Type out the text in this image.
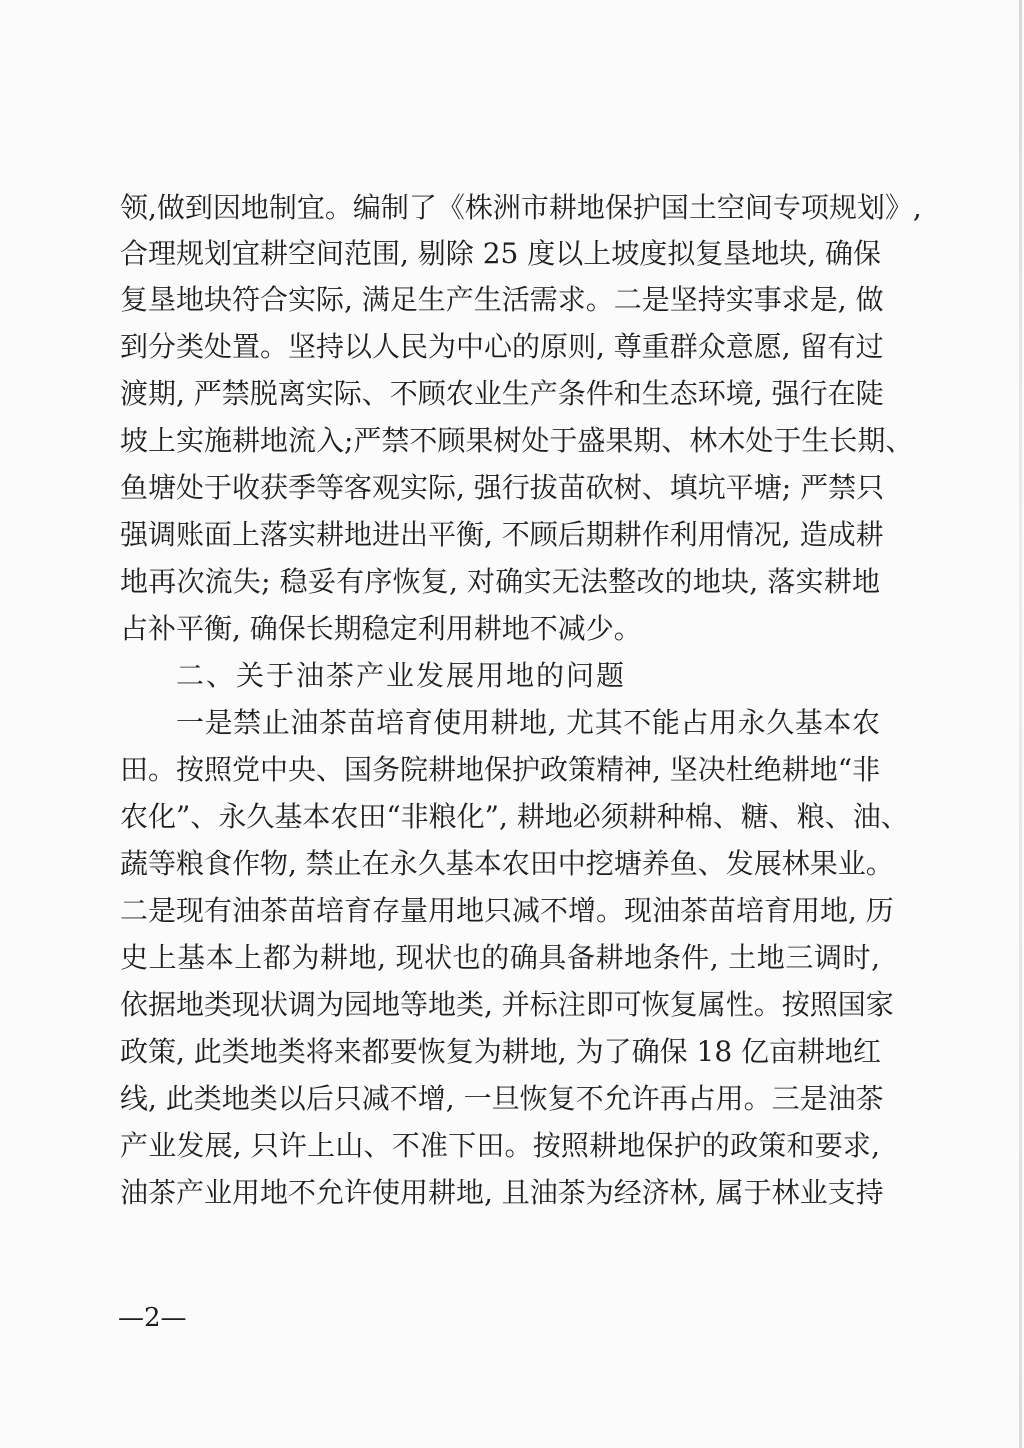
领,做到因地制宜。编制了《株洲市耕地保护国土空间专项规划》,
合理规划宜耕空间范围, 剔除 25 度以上坡度拟复垦地块, 确保
复垦地块符合实际, 满足生产生活需求。二是坚持实事求是, 做
到分类处置。坚持以人民为中心的原则, 尊重群众意愿, 留有过
渡期, 严禁脱离实际、不顾农业生产条件和生态环境, 强行在陡
坡上实施耕地流入;严禁不顾果树处于盛果期、林木处于生长期、
鱼塘处于收获季等客观实际, 强行拔苗砍树、填坑平塘; 严禁只
强调账面上落实耕地进出平衡, 不顾后期耕作利用情况, 造成耕
地再次流失; 稳妥有序恢复, 对确实无法整改的地块, 落实耕地
占补平衡, 确保长期稳定利用耕地不减少。
二、关于油茶产业发展用地的问题
一是禁止油茶苗培育使用耕地, 尤其不能占用永久基本农
田。按照党中央、国务院耕地保护政策精神, 坚决杜绝耕地“非
农化”、永久基本农田“非粮化”, 耕地必须耕种棉、糖、粮、油、
蔬等粮食作物, 禁止在永久基本农田中挖塘养鱼、发展林果业。
二是现有油茶苗培育存量用地只减不增。现油茶苗培育用地, 历
史上基本上都为耕地, 现状也的确具备耕地条件, 土地三调时,
依据地类现状调为园地等地类, 并标注即可恢复属性。按照国家
政策, 此类地类将来都要恢复为耕地, 为了确保 18 亿亩耕地红
线, 此类地类以后只减不增, 一旦恢复不允许再占用。三是油茶
产业发展, 只许上山、不准下田。按照耕地保护的政策和要求,
油茶产业用地不允许使用耕地, 且油茶为经济林, 属于林业支持
—2—
